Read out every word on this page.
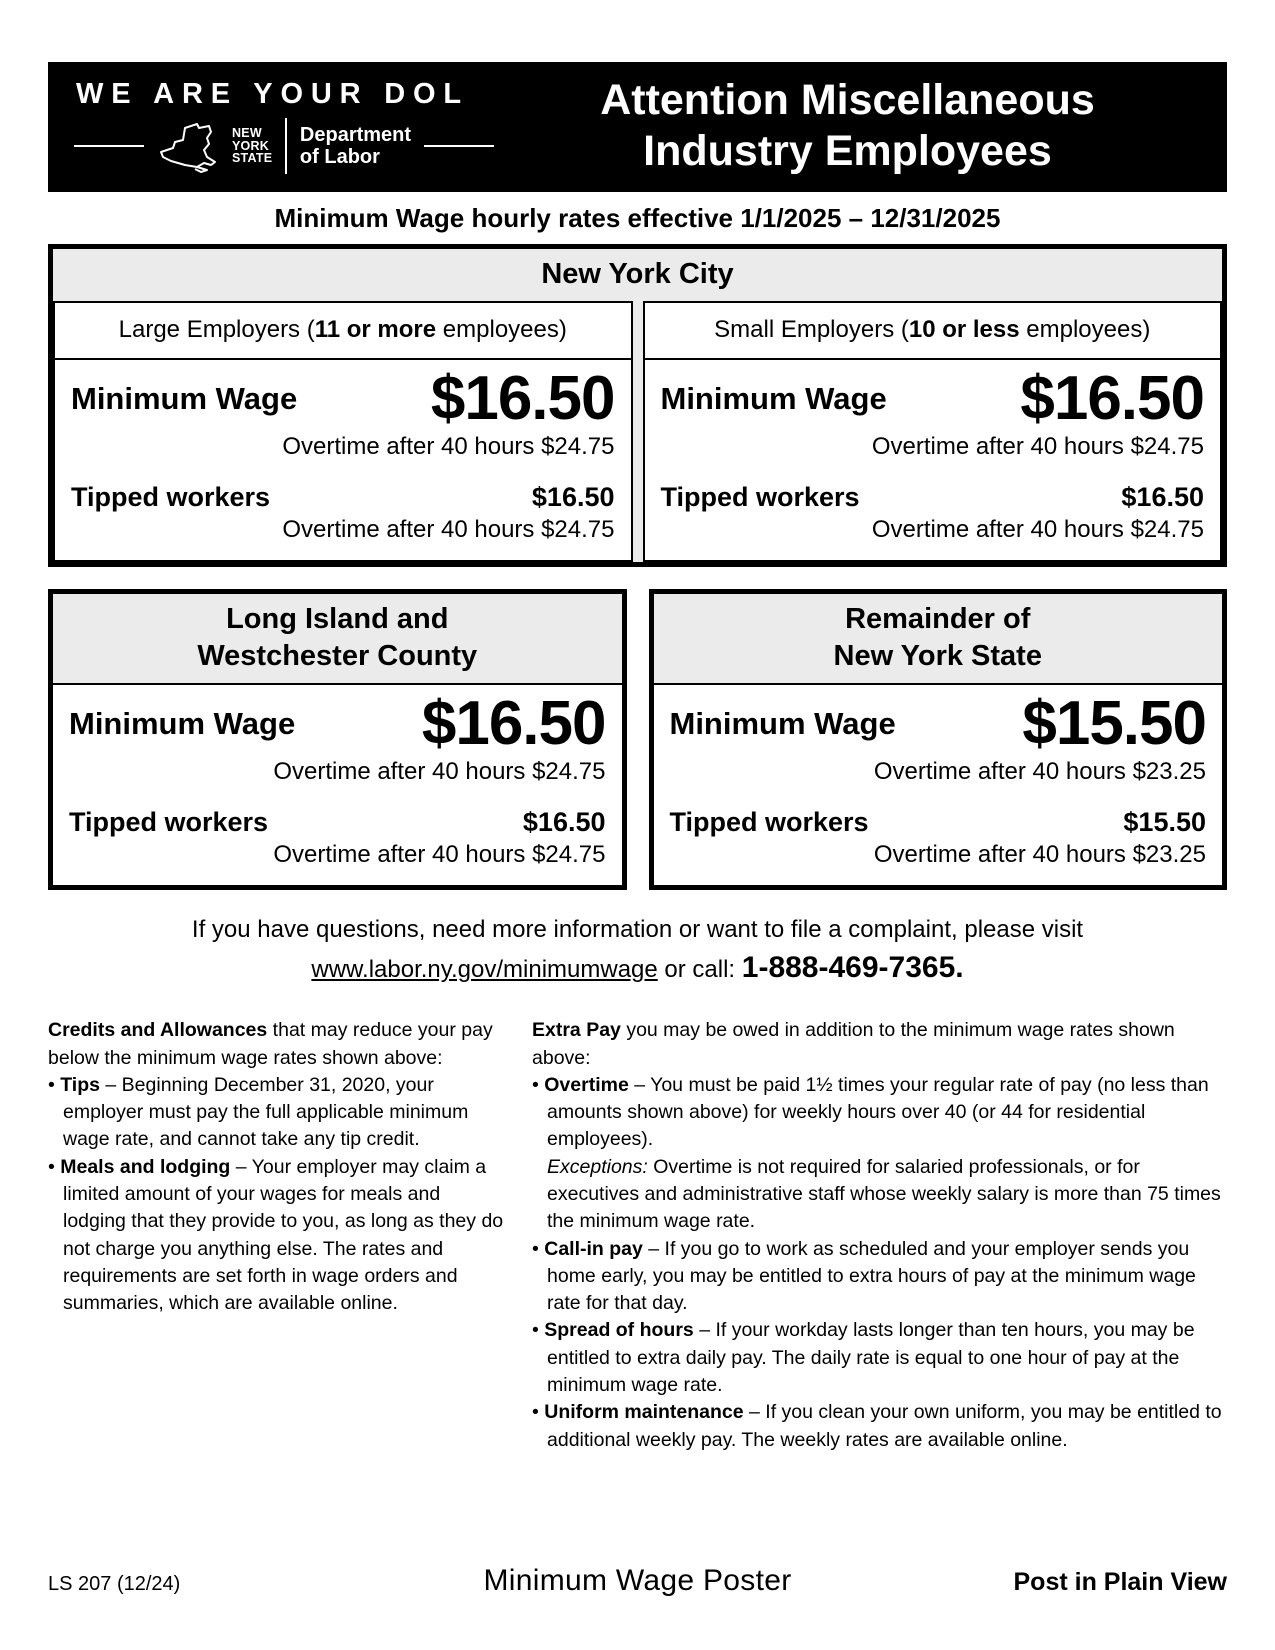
WE ARE YOUR DOL
NEW
YORK
STATE
Department
of Labor
Attention Miscellaneous
Industry Employees
Minimum Wage hourly rates effective 1/1/2025 – 12/31/2025
New York City
Large Employers (11 or more employees)
Minimum Wage $16.50
Overtime after 40 hours $24.75
Tipped workers	$16.50
Overtime after 40 hours $24.75
Small Employers (10 or less employees)
Minimum Wage $16.50
Overtime after 40 hours $24.75
Tipped workers	$16.50
Overtime after 40 hours $24.75
Long Island and
Westchester County
Minimum Wage $16.50
Overtime after 40 hours $24.75
Tipped workers	$16.50
Overtime after 40 hours $24.75
Remainder of
New York State
Minimum Wage $15.50
Overtime after 40 hours $23.25
Tipped workers	$15.50
Overtime after 40 hours $23.25
If you have questions, need more information or want to file a complaint, please visit
www.labor.ny.gov/minimumwage or call: 1-888-469-7365.
Credits and Allowances that may reduce your pay below the minimum wage rates shown above:
• Tips – Beginning December 31, 2020, your employer must pay the full applicable minimum wage rate, and cannot take any tip credit.
• Meals and lodging – Your employer may claim a limited amount of your wages for meals and lodging that they provide to you, as long as they do not charge you anything else. The rates and requirements are set forth in wage orders and summaries, which are available online.
Extra Pay you may be owed in addition to the minimum wage rates shown above:
• Overtime – You must be paid 1½ times your regular rate of pay (no less than amounts shown above) for weekly hours over 40 (or 44 for residential employees).
Exceptions: Overtime is not required for salaried professionals, or for executives and administrative staff whose weekly salary is more than 75 times the minimum wage rate.
• Call-in pay – If you go to work as scheduled and your employer sends you home early, you may be entitled to extra hours of pay at the minimum wage rate for that day.
• Spread of hours – If your workday lasts longer than ten hours, you may be entitled to extra daily pay. The daily rate is equal to one hour of pay at the minimum wage rate.
• Uniform maintenance – If you clean your own uniform, you may be entitled to additional weekly pay. The weekly rates are available online.
LS 207 (12/24)	Minimum Wage Poster	Post in Plain View
